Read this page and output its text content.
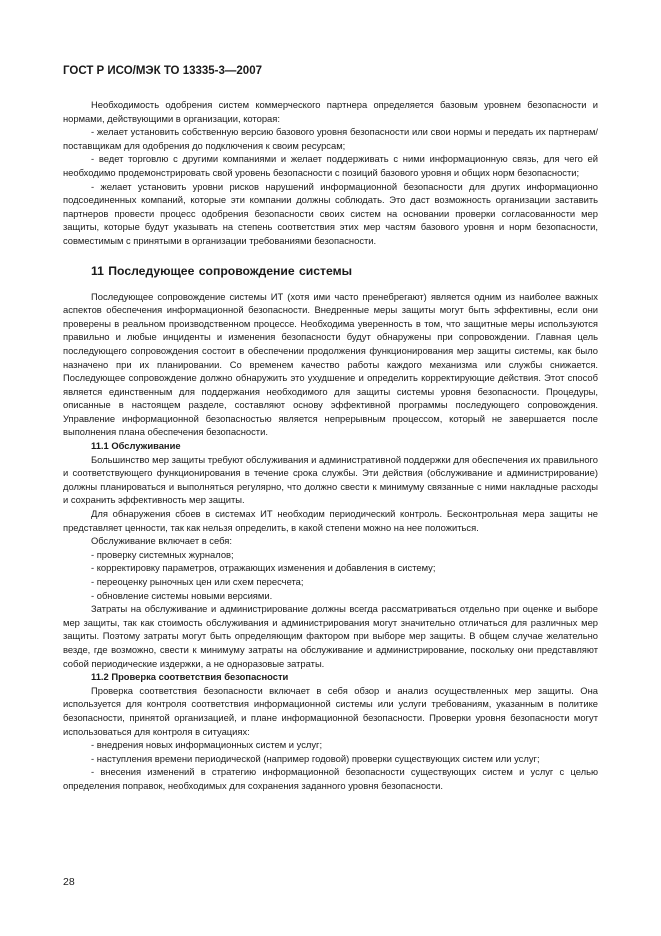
ГОСТ Р ИСО/МЭК ТО 13335-3—2007

Необходимость одобрения систем коммерческого партнера определяется базовым уровнем безопасности и нормами, действующими в организации, которая:

- желает установить собственную версию базового уровня безопасности или свои нормы и передать их партнерам/поставщикам для одобрения до подключения к своим ресурсам;

- ведет торговлю с другими компаниями и желает поддерживать с ними информационную связь, для чего ей необходимо продемонстрировать свой уровень безопасности с позиций базового уровня и общих норм безопасности;

- желает установить уровни рисков нарушений информационной безопасности для других информационно подсоединенных компаний, которые эти компании должны соблюдать. Это даст возможность организации заставить партнеров провести процесс одобрения безопасности своих систем на основании проверки согласованности мер защиты, которые будут указывать на степень соответствия этих мер частям базового уровня и норм безопасности, совместимым с принятыми в организации требованиями безопасности.

11 Последующее сопровождение системы

Последующее сопровождение системы ИТ (хотя ими часто пренебрегают) является одним из наиболее важных аспектов обеспечения информационной безопасности. Внедренные меры защиты могут быть эффективны, если они проверены в реальном производственном процессе. Необходима уверенность в том, что защитные меры используются правильно и любые инциденты и изменения безопасности будут обнаружены при сопровождении. Главная цель последующего сопровождения состоит в обеспечении продолжения функционирования мер защиты системы, как было назначено при их планировании. Со временем качество работы каждого механизма или службы снижается. Последующее сопровождение должно обнаружить это ухудшение и определить корректирующие действия. Этот способ является единственным для поддержания необходимого для защиты системы уровня безопасности. Процедуры, описанные в настоящем разделе, составляют основу эффективной программы последующего сопровождения. Управление информационной безопасностью является непрерывным процессом, который не завершается после выполнения плана обеспечения безопасности.

11.1 Обслуживание

Большинство мер защиты требуют обслуживания и административной поддержки для обеспечения их правильного и соответствующего функционирования в течение срока службы. Эти действия (обслуживание и администрирование) должны планироваться и выполняться регулярно, что должно свести к минимуму связанные с ними накладные расходы и сохранить эффективность мер защиты.

Для обнаружения сбоев в системах ИТ необходим периодический контроль. Бесконтрольная мера защиты не представляет ценности, так как нельзя определить, в какой степени можно на нее положиться.

Обслуживание включает в себя:

- проверку системных журналов;

- корректировку параметров, отражающих изменения и добавления в систему;

- переоценку рыночных цен или схем пересчета;

- обновление системы новыми версиями.

Затраты на обслуживание и администрирование должны всегда рассматриваться отдельно при оценке и выборе мер защиты, так как стоимость обслуживания и администрирования могут значительно отличаться для различных мер защиты. Поэтому затраты могут быть определяющим фактором при выборе мер защиты. В общем случае желательно везде, где возможно, свести к минимуму затраты на обслуживание и администрирование, поскольку они представляют собой периодические издержки, а не одноразовые затраты.

11.2 Проверка соответствия безопасности

Проверка соответствия безопасности включает в себя обзор и анализ осуществленных мер защиты. Она используется для контроля соответствия информационной системы или услуги требованиям, указанным в политике безопасности, принятой организацией, и плане информационной безопасности. Проверки уровня безопасности могут использоваться для контроля в ситуациях:

- внедрения новых информационных систем и услуг;

- наступления времени периодической (например годовой) проверки существующих систем или услуг;

- внесения изменений в стратегию информационной безопасности существующих систем и услуг с целью определения поправок, необходимых для сохранения заданного уровня безопасности.

28
